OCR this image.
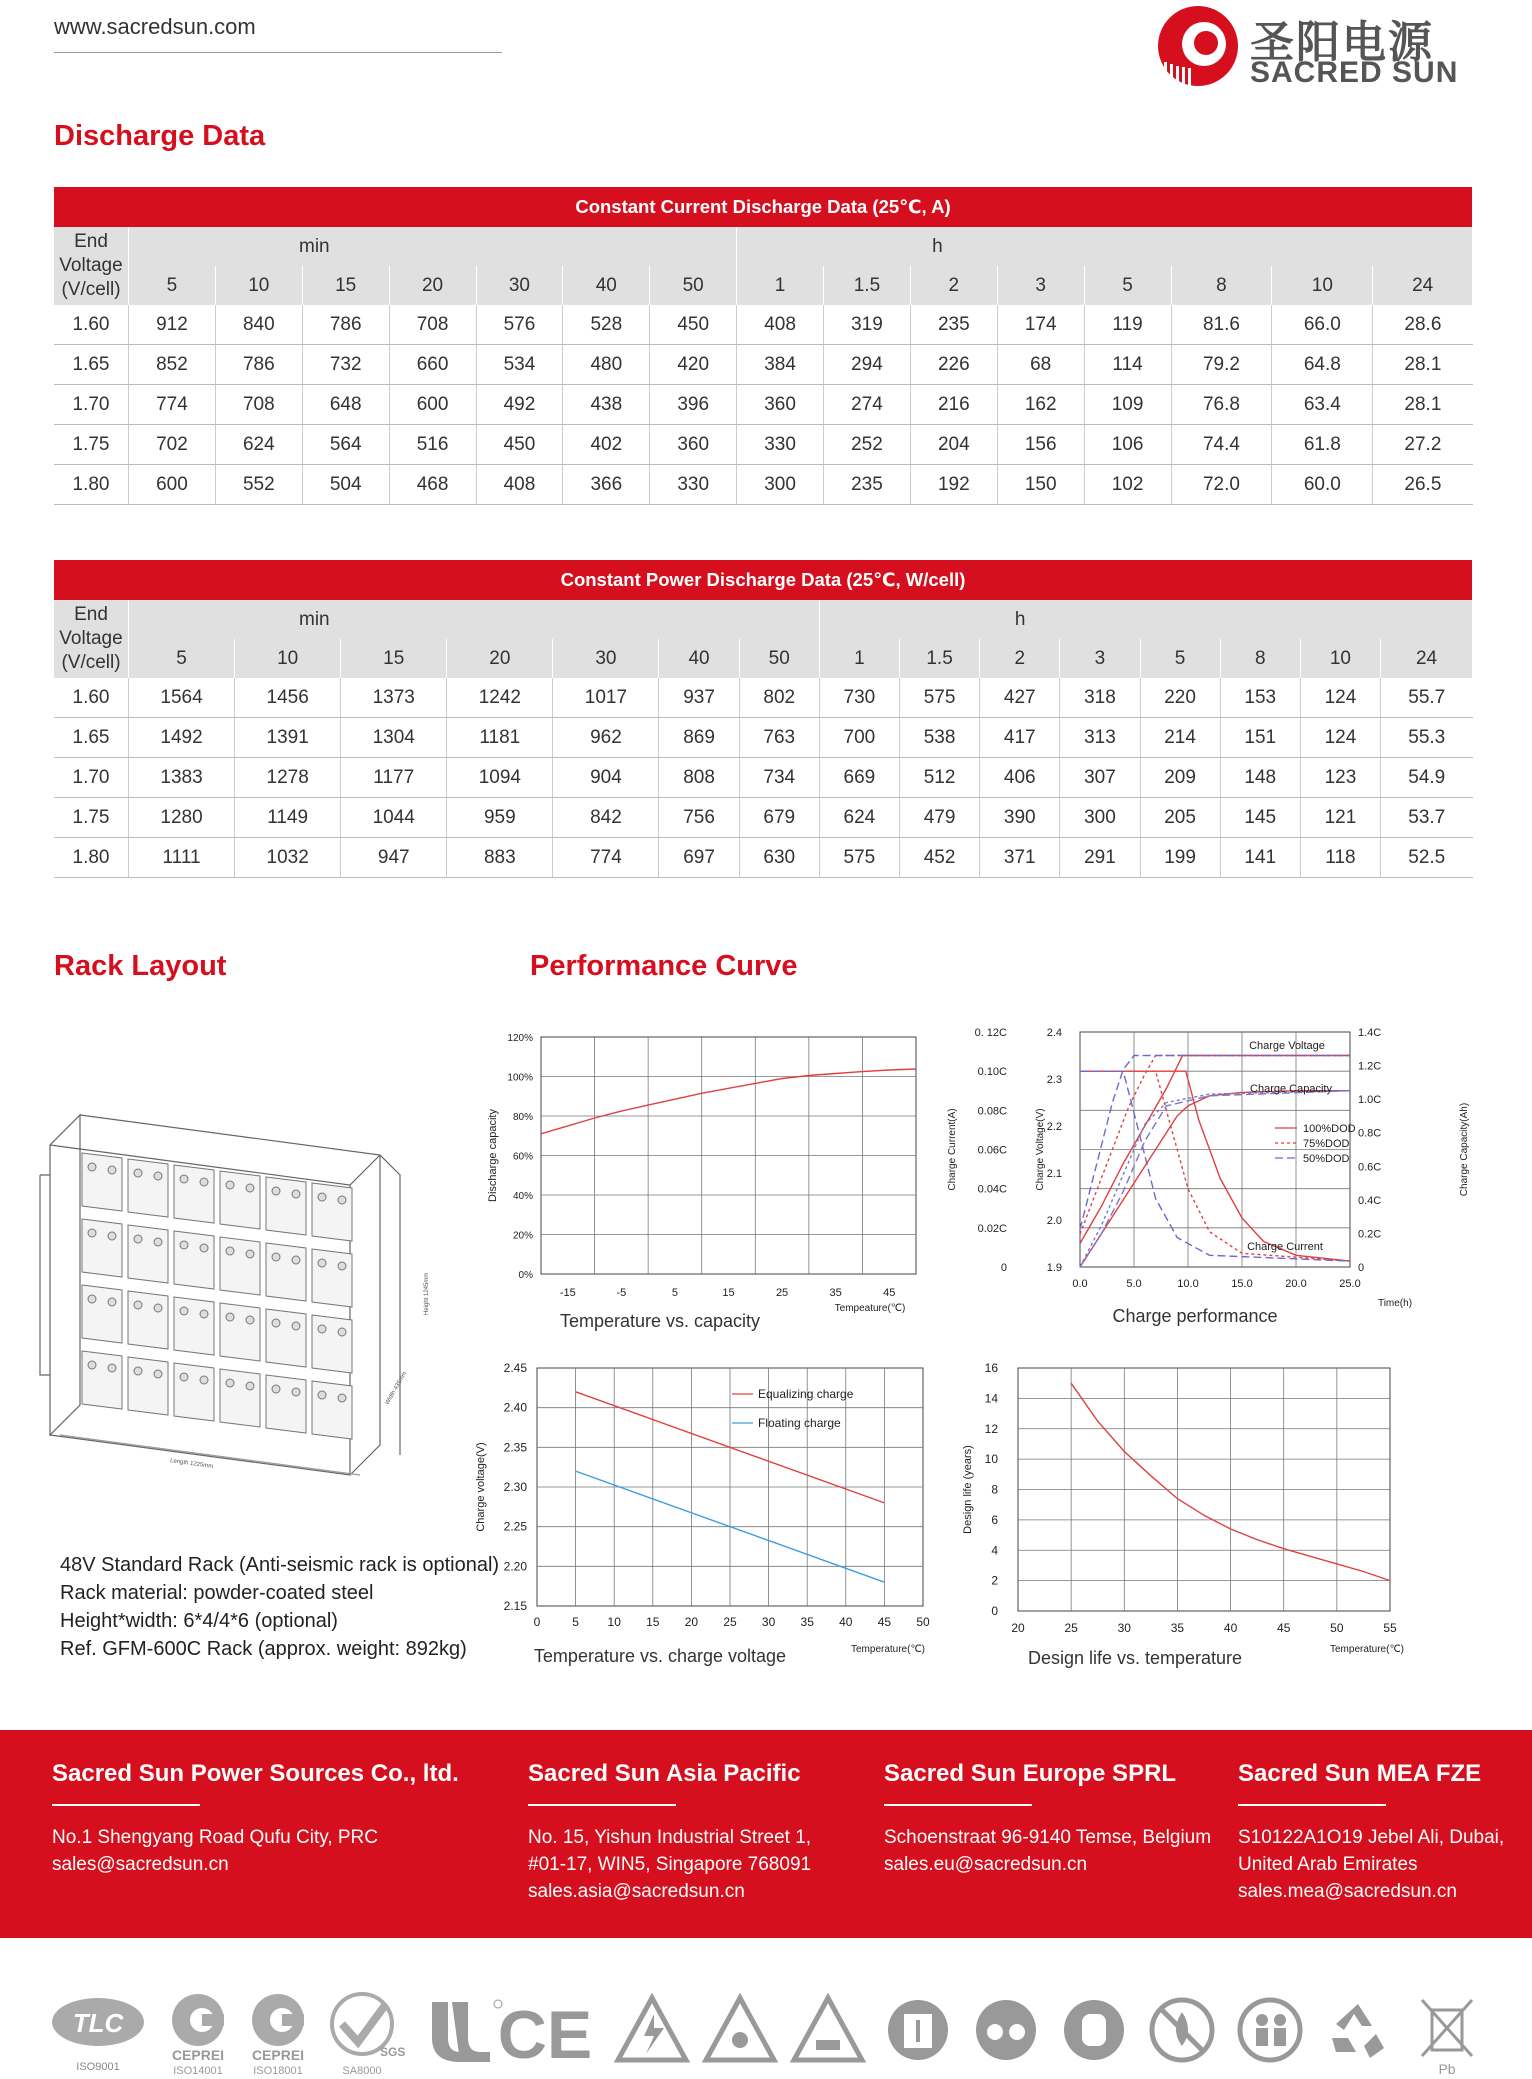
www.sacredsun.com	圣阳电源
SACRED SUN
Discharge Data
Constant Current Discharge Data (25℃, A)															
End
Voltage
(V/cell)	min							h							
	5	10	15	20	30	40	50	1	1.5	2	3	5	8	10	24
1.60	912	840	786	708	576	528	450	408	319	235	174	119	81.6	66.0	28.6
1.65	852	786	732	660	534	480	420	384	294	226	68	114	79.2	64.8	28.1
1.70	774	708	648	600	492	438	396	360	274	216	162	109	76.8	63.4	28.1
1.75	702	624	564	516	450	402	360	330	252	204	156	106	74.4	61.8	27.2
1.80	600	552	504	468	408	366	330	300	235	192	150	102	72.0	60.0	26.5
Constant Power Discharge Data (25℃, W/cell)															
End
Voltage
(V/cell)	min							h							
	5	10	15	20	30	40	50	1	1.5	2	3	5	8	10	24
1.60	1564	1456	1373	1242	1017	937	802	730	575	427	318	220	153	124	55.7
1.65	1492	1391	1304	1181	962	869	763	700	538	417	313	214	151	124	55.3
1.70	1383	1278	1177	1094	904	808	734	669	512	406	307	209	148	123	54.9
1.75	1280	1149	1044	959	842	756	679	624	479	390	300	205	145	121	53.7
1.80	1111	1032	947	883	774	697	630	575	452	371	291	199	141	118	52.5
Rack Layout	Performance Curve
Length 1225mm
Width 435mm
Height 1245mm
48V Standard Rack (Anti-seismic rack is optional)
Rack material: powder-coated steel
Height*width: 6*4/4*6 (optional)
Ref. GFM-600C Rack (approx. weight: 892kg)
0%
20%
40%
60%
80%
100%
120%
-15	-5	5	15	25	35	45
Discharge capacity
Tempeature(℃)
Temperature vs. capacity
0
0.02C
0.04C
0.06C
0.08C
0.10C
0. 12C
1.9
2.0
2.1
2.2
2.3
2.4
0
0.2C
0.4C
0.6C
0.8C
1.0C
1.2C
1.4C
0.0	5.0	10.0	15.0	20.0	25.0
Charge Current(A)	Charge Voltage(V)	Charge Capacity(Ah)
Charge Voltage
Charge Capacity
Charge Current
100%DOD
75%DOD
50%DOD
Time(h)
Charge performance
2.15
2.20
2.25
2.30
2.35
2.40
2.45
0	5 10 15 20 25 30 35 40 45 50
Equalizing charge
Floating charge
Charge voltage(V)
Temperature(℃)
Temperature vs. charge voltage
0
2
4
6
8
10
12
14
16
20	25	30	35	40	45	50	55
Design life (years)
Temperature(℃)
Design life vs. temperature
Sacred Sun Power Sources Co., ltd.
No.1 Shengyang Road Qufu City, PRC
sales@sacredsun.cn
Sacred Sun Asia Pacific
No. 15, Yishun Industrial Street 1,
#01-17, WIN5, Singapore 768091
sales.asia@sacredsun.cn
Sacred Sun Europe SPRL
Schoenstraat 96-9140 Temse, Belgium
sales.eu@sacredsun.cn
Sacred Sun MEA FZE
S10122A1O19 Jebel Ali, Dubai,
United Arab Emirates
sales.mea@sacredsun.cn
TLC
ISO9001
CEPREI
ISO14001
CEPREI
ISO18001
SGS
SA8000 CE	Pb
